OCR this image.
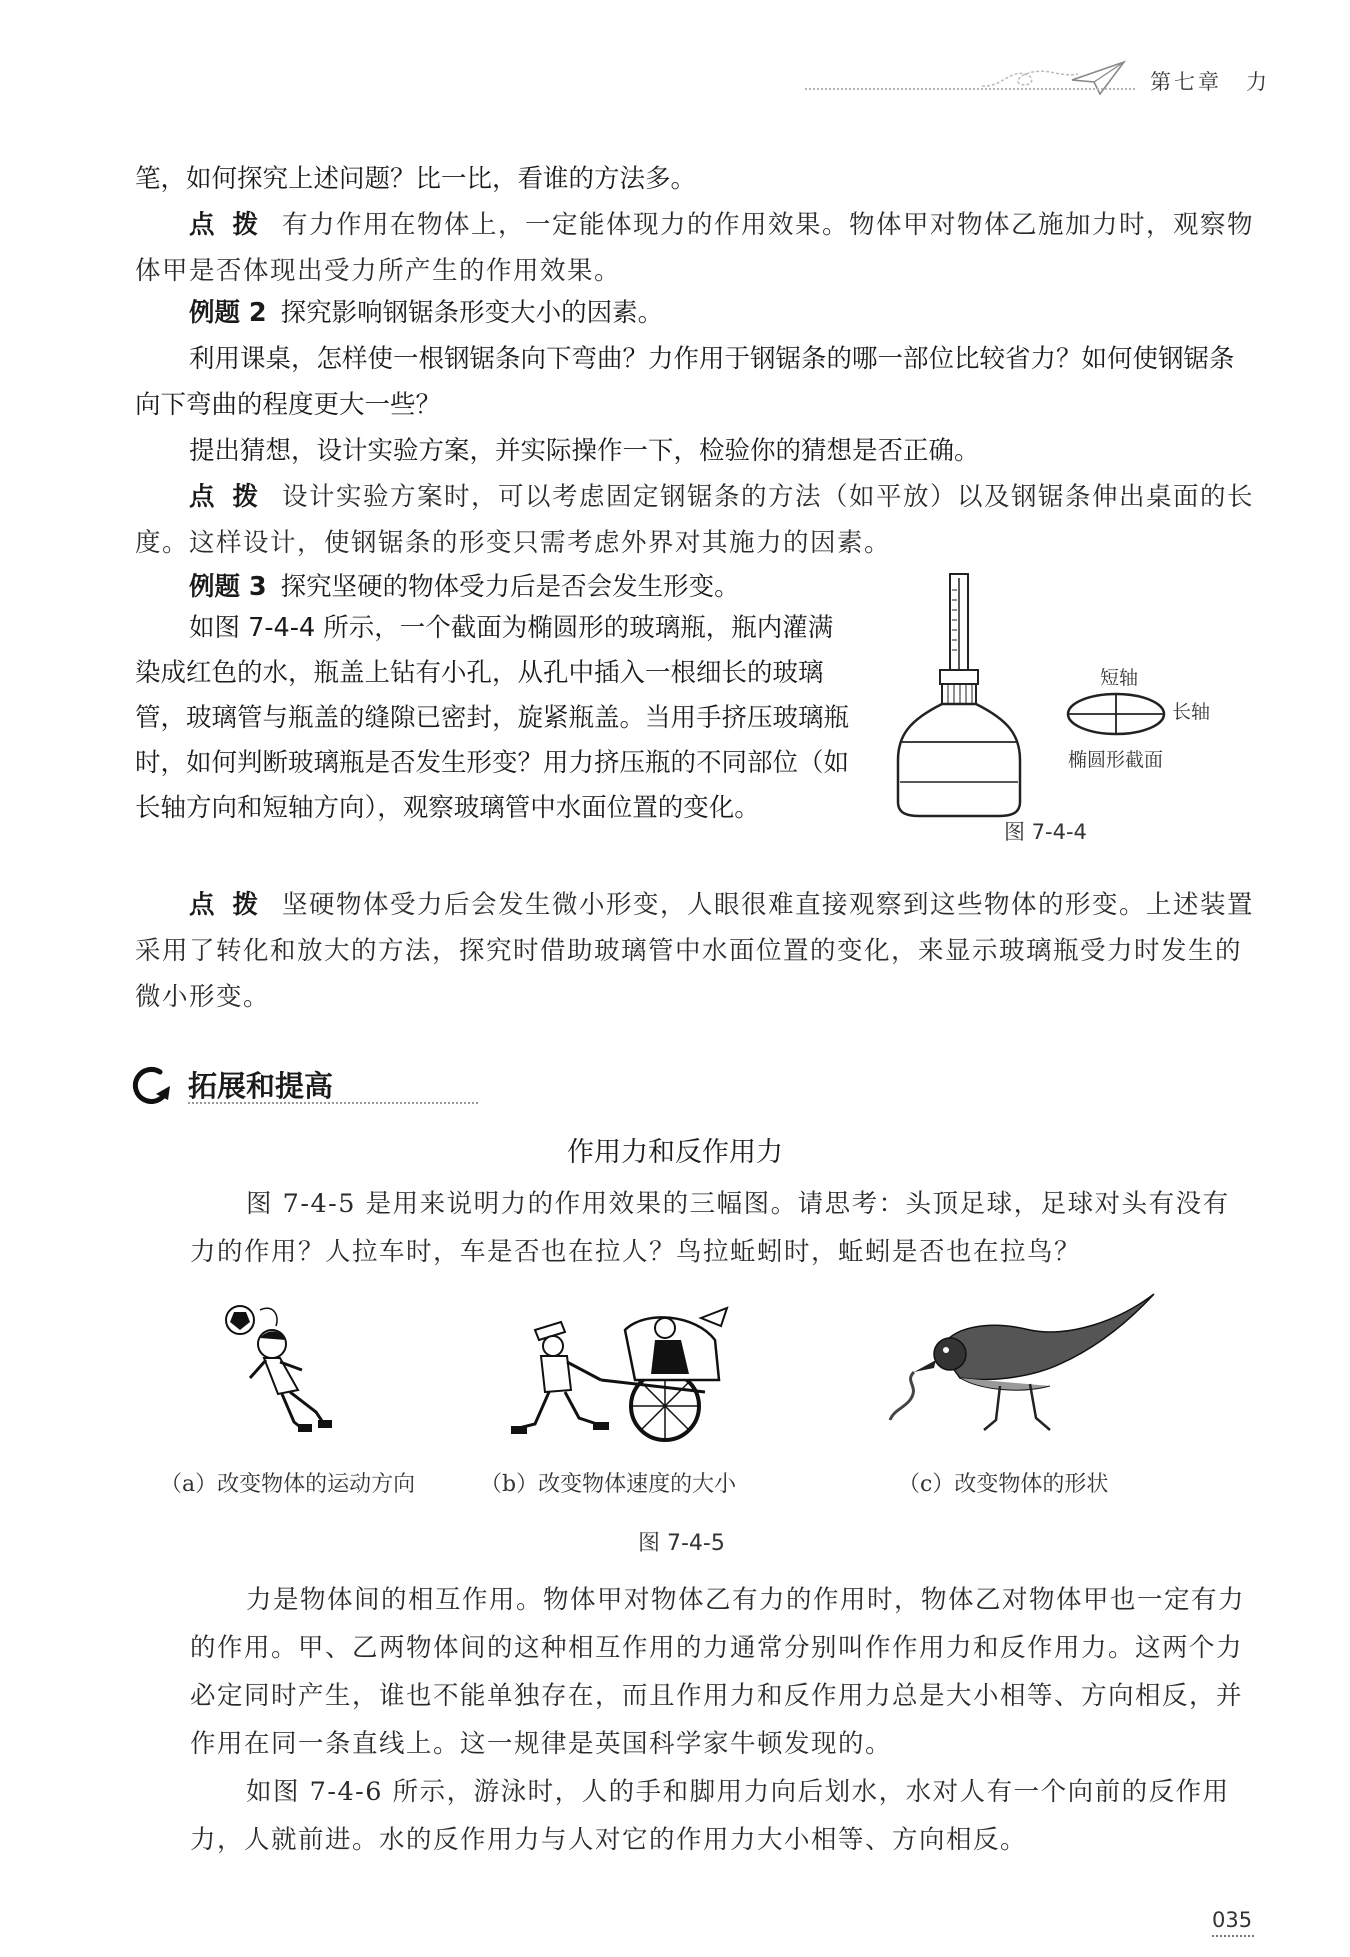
第七章　力

笔，如何探究上述问题？比一比，看谁的方法多。

点拨 有力作用在物体上，一定能体现力的作用效果。物体甲对物体乙施加力时，观察物体甲是否体现出受力所产生的作用效果。

例题 2 探究影响钢锯条形变大小的因素。

利用课桌，怎样使一根钢锯条向下弯曲？力作用于钢锯条的哪一部位比较省力？如何使钢锯条向下弯曲的程度更大一些？

提出猜想，设计实验方案，并实际操作一下，检验你的猜想是否正确。

点拨 设计实验方案时，可以考虑固定钢锯条的方法（如平放）以及钢锯条伸出桌面的长度。这样设计，使钢锯条的形变只需考虑外界对其施力的因素。

例题 3 探究坚硬的物体受力后是否会发生形变。

如图 7-4-4 所示，一个截面为椭圆形的玻璃瓶，瓶内灌满染成红色的水，瓶盖上钻有小孔，从孔中插入一根细长的玻璃管，玻璃管与瓶盖的缝隙已密封，旋紧瓶盖。当用手挤压玻璃瓶时，如何判断玻璃瓶是否发生形变？用力挤压瓶的不同部位（如长轴方向和短轴方向），观察玻璃管中水面位置的变化。

短轴
长轴
椭圆形截面
图 7-4-4

点拨 坚硬物体受力后会发生微小形变，人眼很难直接观察到这些物体的形变。上述装置采用了转化和放大的方法，探究时借助玻璃管中水面位置的变化，来显示玻璃瓶受力时发生的微小形变。

拓展和提高
作用力和反作用力

图 7-4-5 是用来说明力的作用效果的三幅图。请思考：头顶足球，足球对头有没有力的作用？人拉车时，车是否也在拉人？鸟拉蚯蚓时，蚯蚓是否也在拉鸟？

（a）改变物体的运动方向	（b）改变物体速度的大小	（c）改变物体的形状
图 7-4-5

力是物体间的相互作用。物体甲对物体乙有力的作用时，物体乙对物体甲也一定有力的作用。甲、乙两物体间的这种相互作用的力通常分别叫作作用力和反作用力。这两个力必定同时产生，谁也不能单独存在，而且作用力和反作用力总是大小相等、方向相反，并作用在同一条直线上。这一规律是英国科学家牛顿发现的。

如图 7-4-6 所示，游泳时，人的手和脚用力向后划水，水对人有一个向前的反作用力，人就前进。水的反作用力与人对它的作用力大小相等、方向相反。

035
